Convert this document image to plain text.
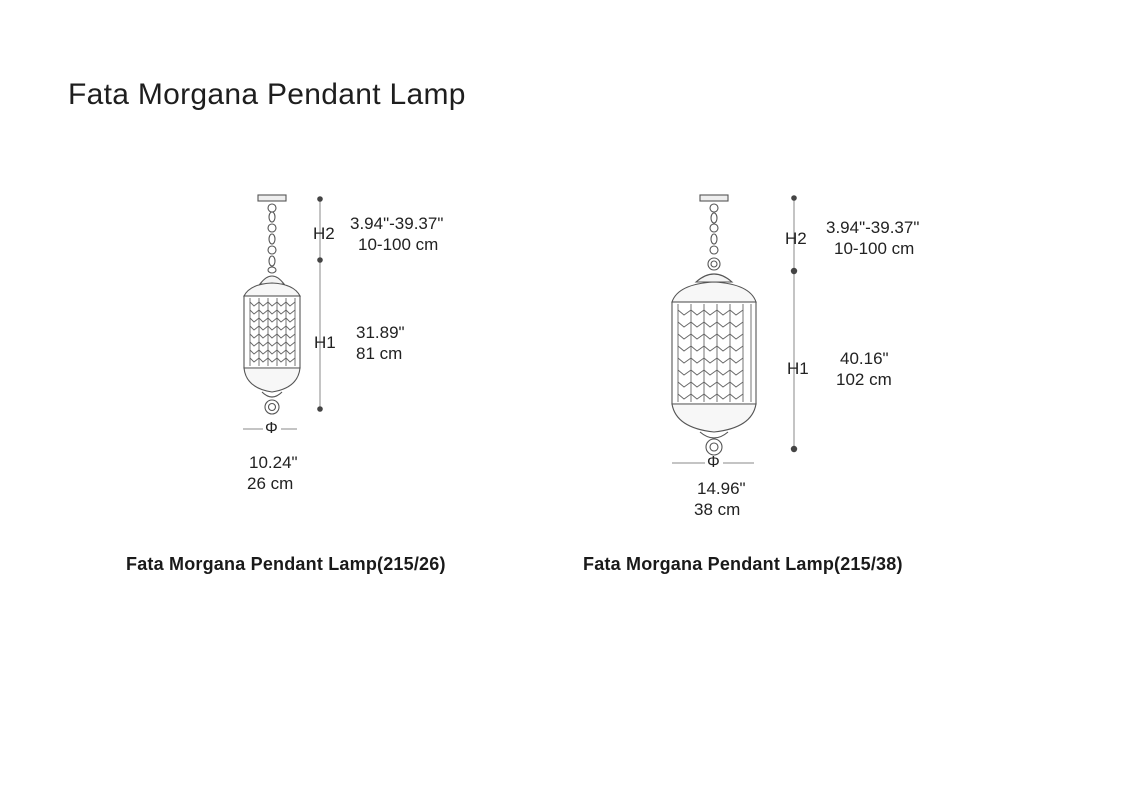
Fata Morgana Pendant Lamp
H2
3.94"-39.37"
10-100 cm
H1
31.89"
81 cm
Φ
10.24"
26 cm
Fata Morgana Pendant Lamp(215/26)
H2
3.94"-39.37"
10-100 cm
H1
40.16"
102 cm
Φ
14.96"
38 cm
Fata Morgana Pendant Lamp(215/38)
